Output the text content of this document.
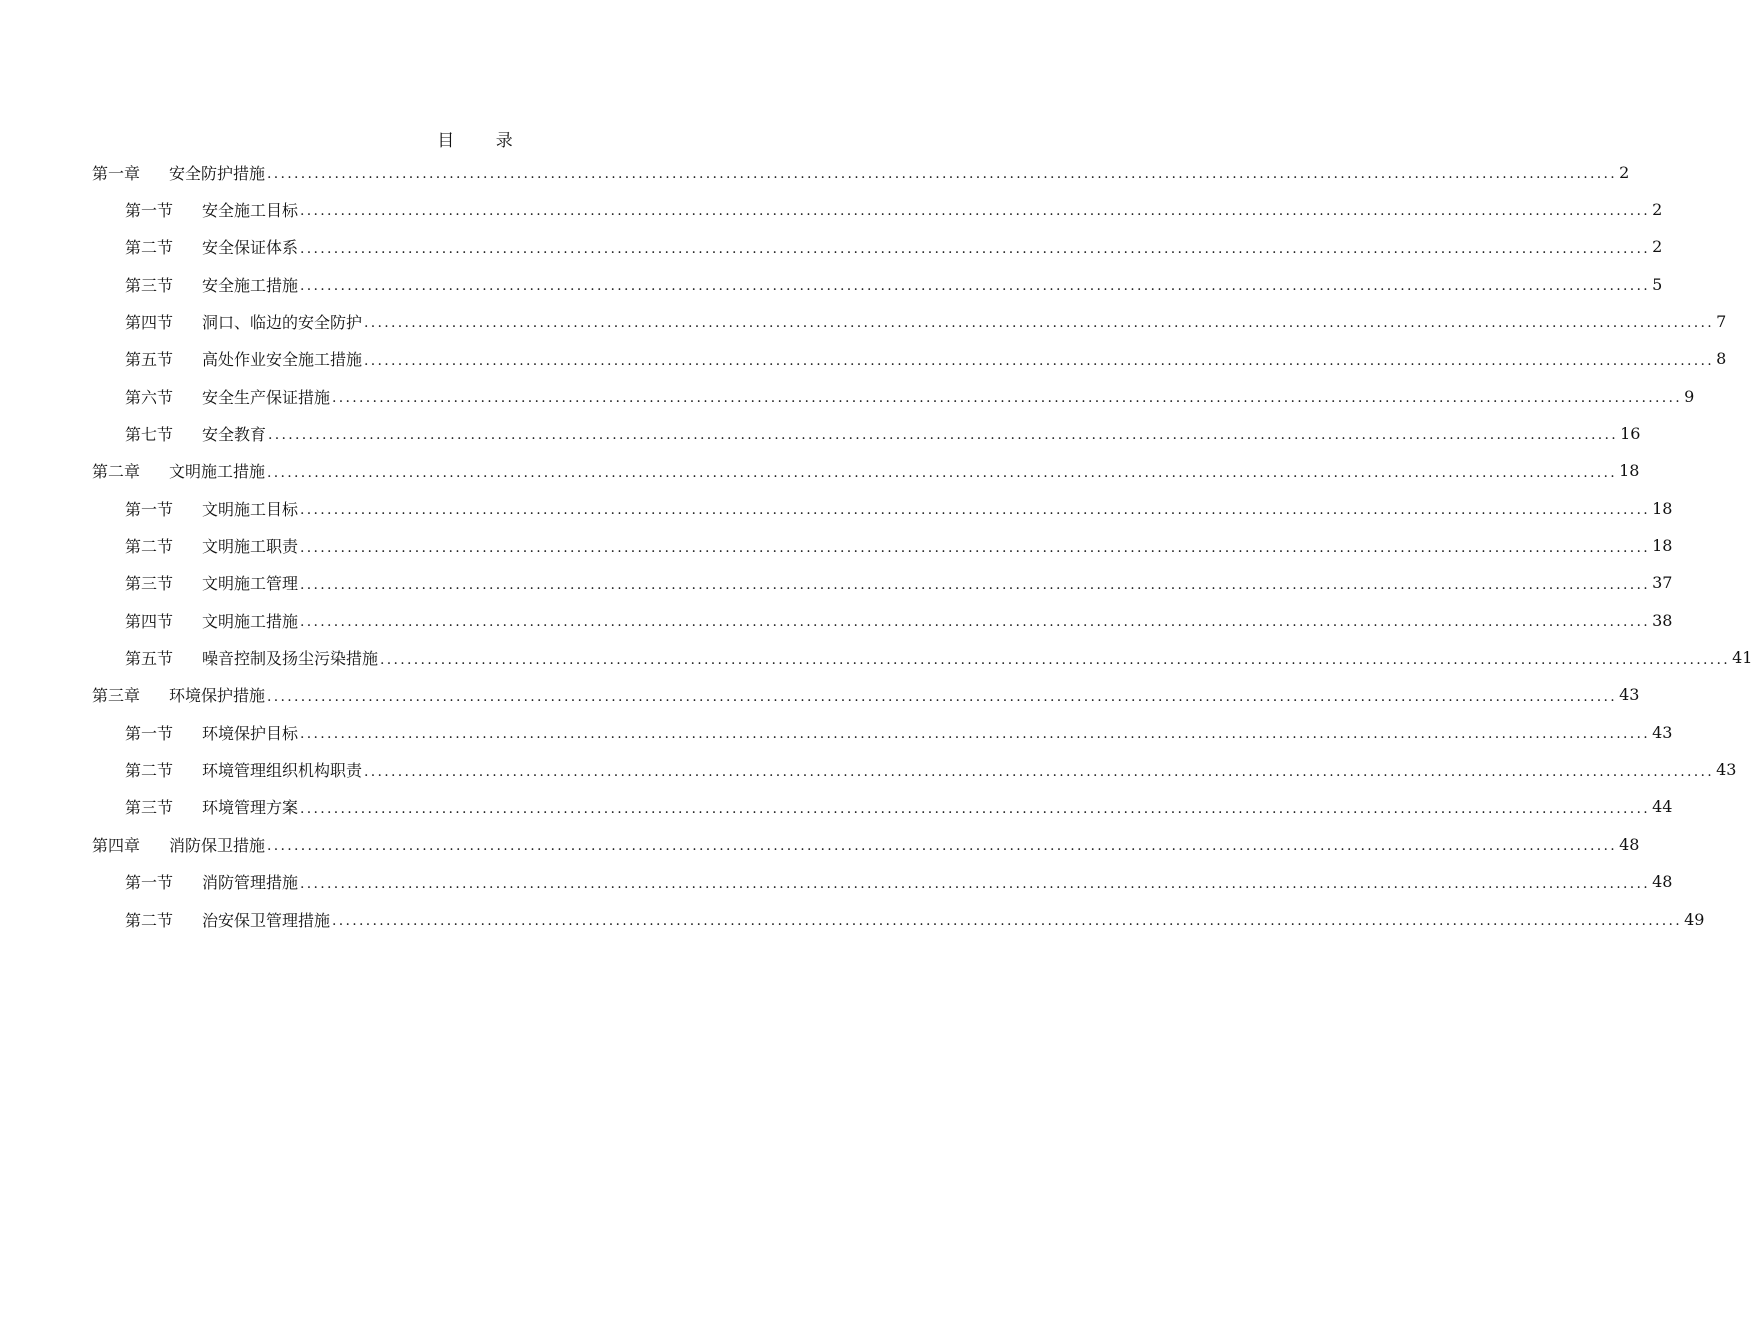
目 录
第一章	安全防护措施 ........................................................................................................................................................................................................ 2
第一节	安全施工目标 ........................................................................................................................................................................................................ 2
第二节	安全保证体系 ........................................................................................................................................................................................................ 2
第三节	安全施工措施 ........................................................................................................................................................................................................ 5
第四节	洞口、临边的安全防护 ........................................................................................................................................................................................................ 7
第五节	高处作业安全施工措施 ........................................................................................................................................................................................................ 8
第六节	安全生产保证措施 ........................................................................................................................................................................................................ 9
第七节	安全教育 ........................................................................................................................................................................................................ 16
第二章	文明施工措施 ........................................................................................................................................................................................................ 18
第一节	文明施工目标 ........................................................................................................................................................................................................ 18
第二节	文明施工职责 ........................................................................................................................................................................................................ 18
第三节	文明施工管理 ........................................................................................................................................................................................................ 37
第四节	文明施工措施 ........................................................................................................................................................................................................ 38
第五节	噪音控制及扬尘污染措施 ........................................................................................................................................................................................................ 41
第三章	环境保护措施 ........................................................................................................................................................................................................ 43
第一节	环境保护目标 ........................................................................................................................................................................................................ 43
第二节	环境管理组织机构职责 ........................................................................................................................................................................................................ 43
第三节	环境管理方案 ........................................................................................................................................................................................................ 44
第四章	消防保卫措施 ........................................................................................................................................................................................................ 48
第一节	消防管理措施 ........................................................................................................................................................................................................ 48
第二节	治安保卫管理措施 ........................................................................................................................................................................................................ 49
